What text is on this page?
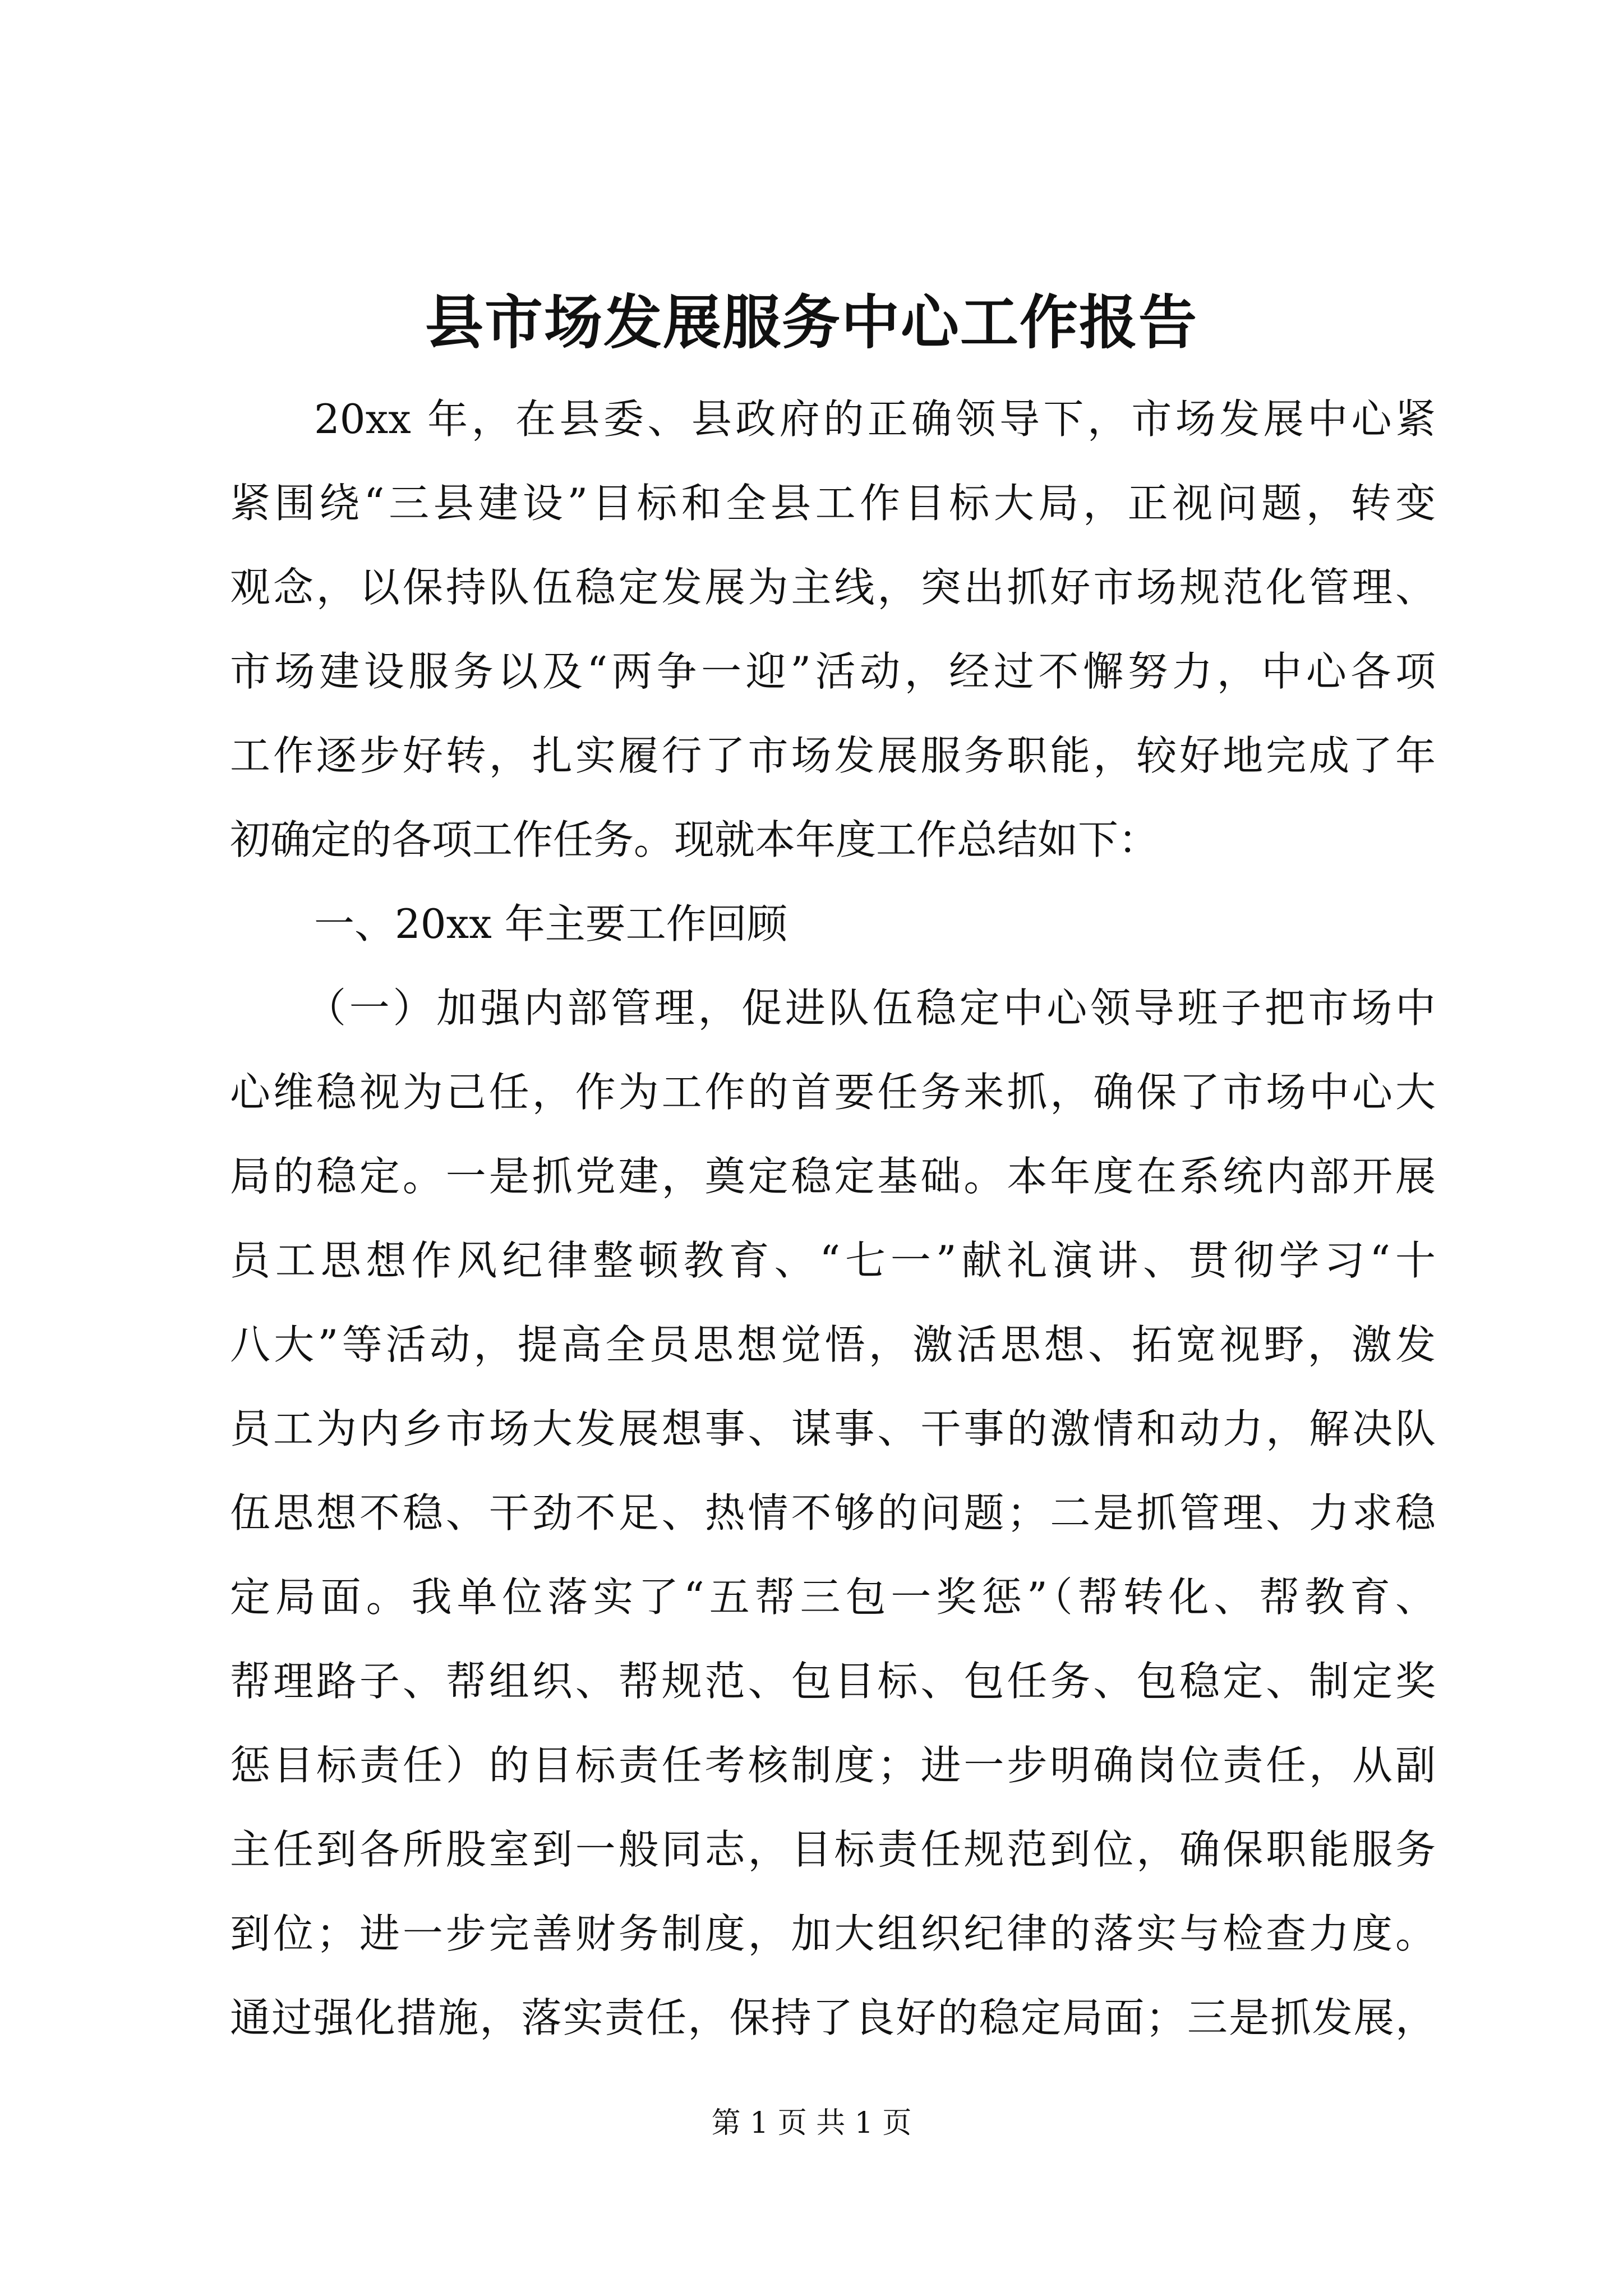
县市场发展服务中心工作报告
20xx 年，在县委、县政府的正确领导下，市场发展中心紧
紧围绕“三县建设”目标和全县工作目标大局，正视问题，转变
观念，以保持队伍稳定发展为主线，突出抓好市场规范化管理、
市场建设服务以及“两争一迎”活动，经过不懈努力，中心各项
工作逐步好转，扎实履行了市场发展服务职能，较好地完成了年
初确定的各项工作任务。现就本年度工作总结如下：
一、20xx 年主要工作回顾
（一）加强内部管理，促进队伍稳定中心领导班子把市场中
心维稳视为己任，作为工作的首要任务来抓，确保了市场中心大
局的稳定。一是抓党建，奠定稳定基础。本年度在系统内部开展
员工思想作风纪律整顿教育、“七一”献礼演讲、贯彻学习“十
八大”等活动，提高全员思想觉悟，激活思想、拓宽视野，激发
员工为内乡市场大发展想事、谋事、干事的激情和动力，解决队
伍思想不稳、干劲不足、热情不够的问题；二是抓管理、力求稳
定局面。我单位落实了“五帮三包一奖惩”（帮转化、帮教育、
帮理路子、帮组织、帮规范、包目标、包任务、包稳定、制定奖
惩目标责任）的目标责任考核制度；进一步明确岗位责任，从副
主任到各所股室到一般同志，目标责任规范到位，确保职能服务
到位；进一步完善财务制度，加大组织纪律的落实与检查力度。
通过强化措施，落实责任，保持了良好的稳定局面；三是抓发展，
第 1 页 共 1 页
